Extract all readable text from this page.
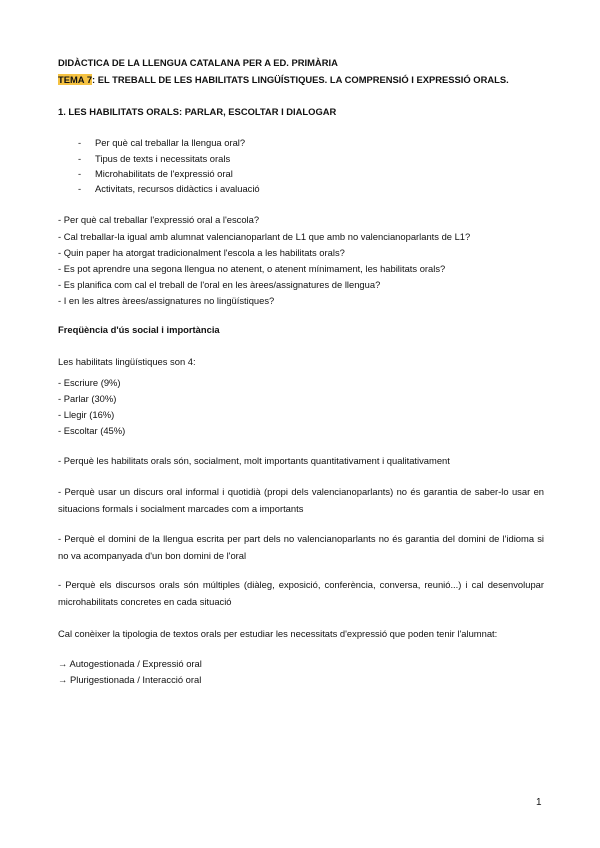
DIDÀCTICA DE LA LLENGUA CATALANA PER A ED. PRIMÀRIA
TEMA 7: EL TREBALL DE LES HABILITATS LINGÜÍSTIQUES. LA COMPRENSIÓ I EXPRESSIÓ ORALS.
1. LES HABILITATS ORALS: PARLAR, ESCOLTAR I DIALOGAR
- Per què cal treballar la llengua oral?
- Tipus de texts i necessitats orals
- Microhabilitats de l'expressió oral
- Activitats, recursos didàctics i avaluació
- Per què cal treballar l'expressió oral a l'escola?
- Cal treballar-la igual amb alumnat valencianoparlant de L1 que amb no valencianoparlants de L1?
- Quin paper ha atorgat tradicionalment l'escola a les habilitats orals?
- Es pot aprendre una segona llengua no atenent, o atenent mínimament, les habilitats orals?
- Es planifica com cal el treball de l'oral en les àrees/assignatures de llengua?
- I en les altres àrees/assignatures no lingüístiques?
Freqüència d'ús social i importància
Les habilitats lingüístiques son 4:
- Escriure (9%)
- Parlar (30%)
- Llegir (16%)
- Escoltar (45%)
- Perquè les habilitats orals són, socialment, molt importants quantitativament i qualitativament
- Perquè usar un discurs oral informal i quotidià (propi dels valencianoparlants) no és garantia de saber-lo usar en situacions formals i socialment marcades com a importants
- Perquè el domini de la llengua escrita per part dels no valencianoparlants no és garantia del domini de l'idioma si no va acompanyada d'un bon domini de l'oral
- Perquè els discursos orals són múltiples (diàleg, exposició, conferència, conversa, reunió...) i cal desenvolupar microhabilitats concretes en cada situació
Cal conèixer la tipologia de textos orals per estudiar les necessitats d'expressió que poden tenir l'alumnat:
→ Autogestionada / Expressió oral
→ Plurigestionada / Interacció oral
1
